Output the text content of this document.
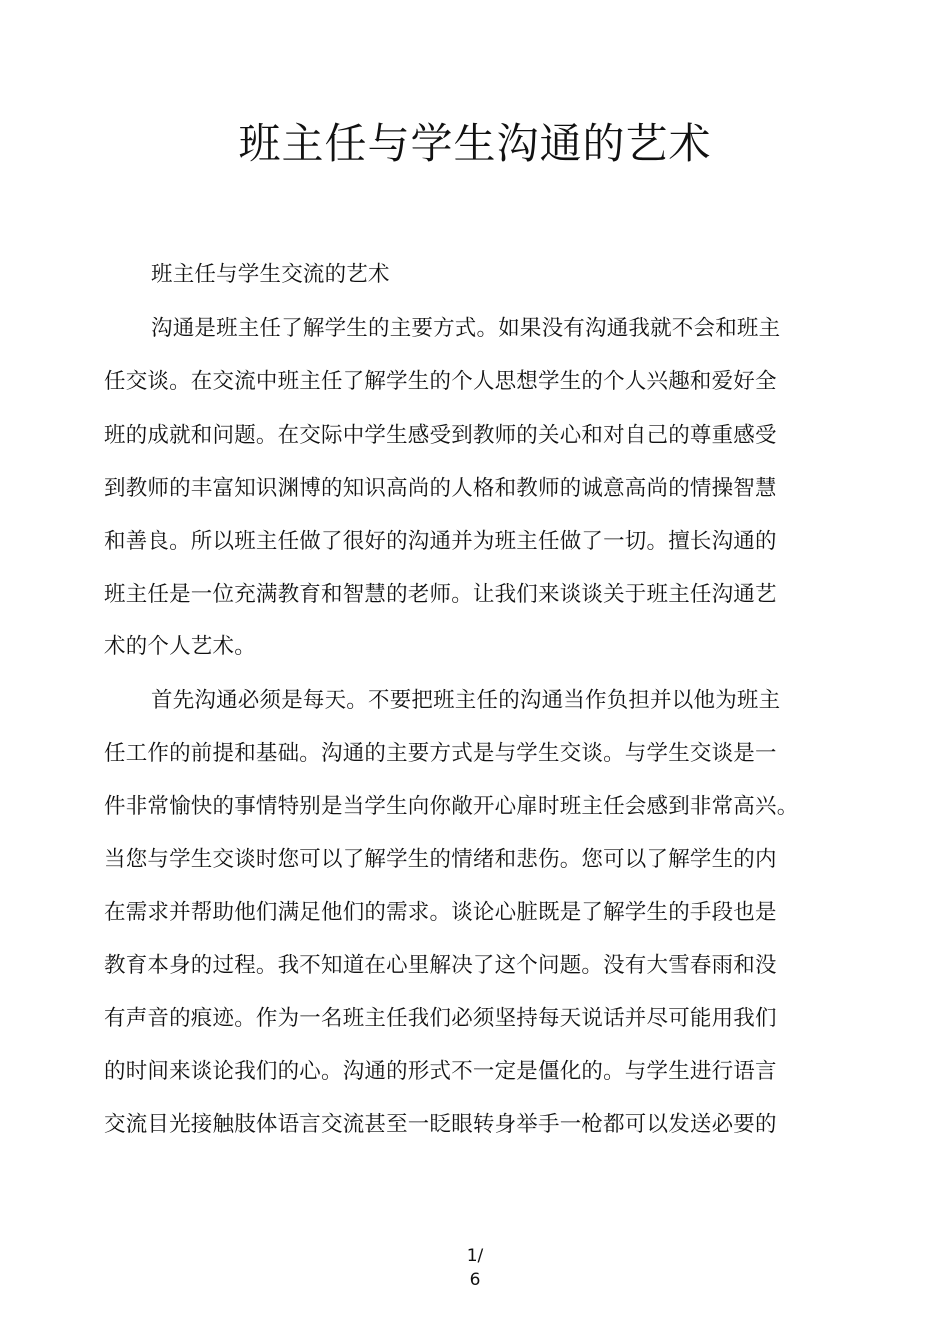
班主任与学生沟通的艺术
班主任与学生交流的艺术
沟通是班主任了解学生的主要方式。如果没有沟通我就不会和班主
任交谈。在交流中班主任了解学生的个人思想学生的个人兴趣和爱好全
班的成就和问题。在交际中学生感受到教师的关心和对自己的尊重感受
到教师的丰富知识渊博的知识高尚的人格和教师的诚意高尚的情操智慧
和善良。所以班主任做了很好的沟通并为班主任做了一切。擅长沟通的
班主任是一位充满教育和智慧的老师。让我们来谈谈关于班主任沟通艺
术的个人艺术。
首先沟通必须是每天。不要把班主任的沟通当作负担并以他为班主
任工作的前提和基础。沟通的主要方式是与学生交谈。与学生交谈是一
件非常愉快的事情特别是当学生向你敞开心扉时班主任会感到非常高兴。
当您与学生交谈时您可以了解学生的情绪和悲伤。您可以了解学生的内
在需求并帮助他们满足他们的需求。谈论心脏既是了解学生的手段也是
教育本身的过程。我不知道在心里解决了这个问题。没有大雪春雨和没
有声音的痕迹。作为一名班主任我们必须坚持每天说话并尽可能用我们
的时间来谈论我们的心。沟通的形式不一定是僵化的。与学生进行语言
交流目光接触肢体语言交流甚至一眨眼转身举手一枪都可以发送必要的
1/
6
